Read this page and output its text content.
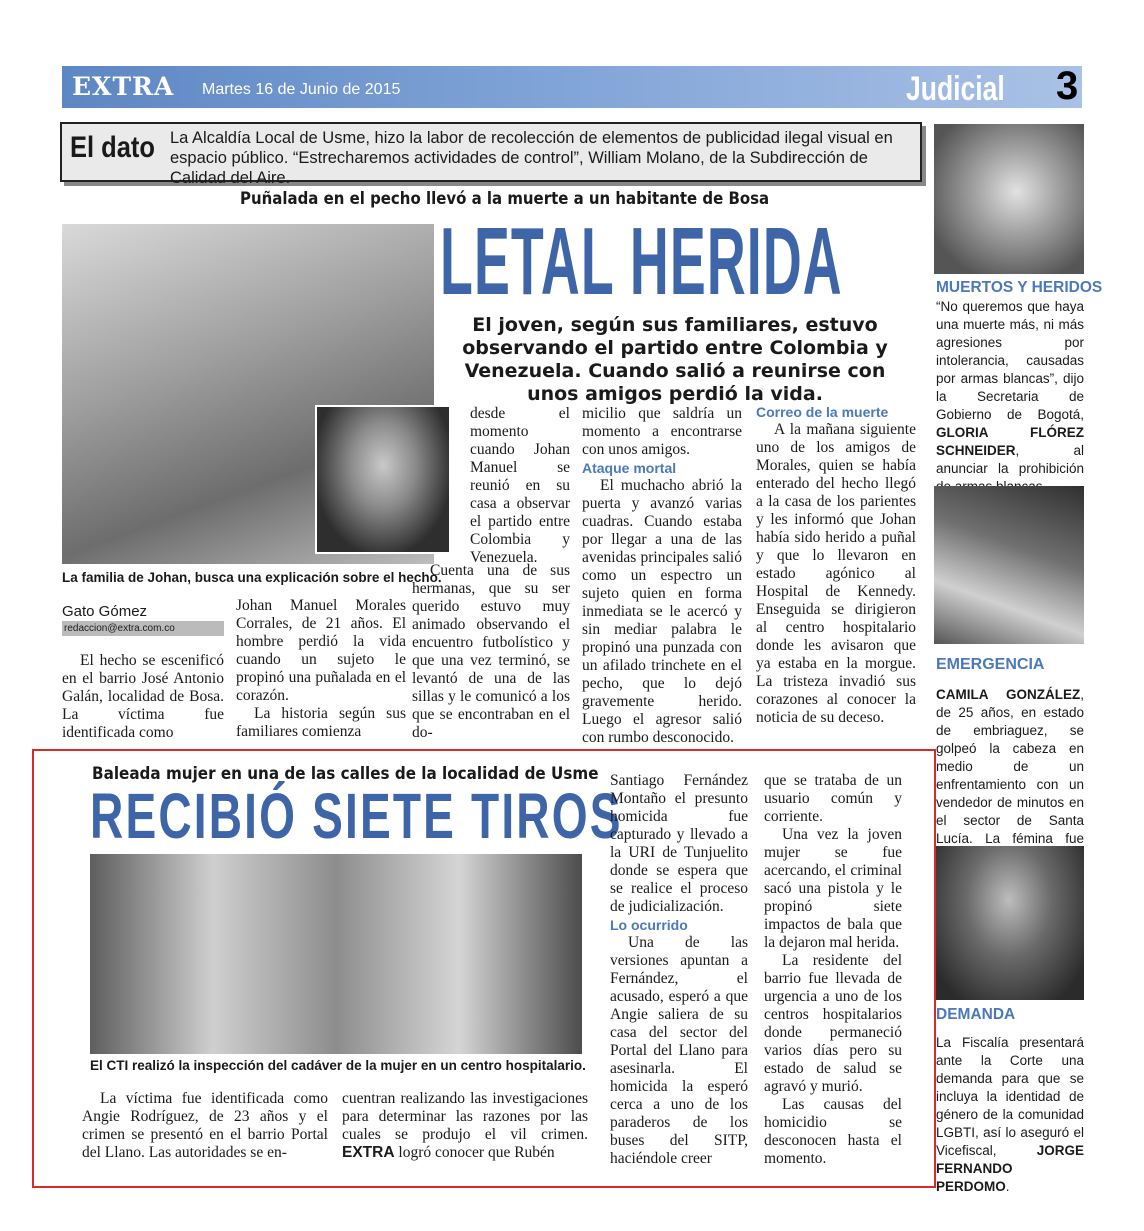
EXTRA Martes 16 de Junio de 2015	Judicial 3
El dato La Alcaldía Local de Usme, hizo la labor de recolección de elementos de publicidad ilegal visual en espacio público. “Estrecharemos actividades de control”, William Molano, de la Subdirección de Calidad del Aire.
Puñalada en el pecho llevó a la muerte a un habitante de Bosa
LETAL HERIDA
El joven, según sus familiares, estuvo observando el partido entre Colombia y Venezuela. Cuando salió a reunirse con unos amigos perdió la vida.
La familia de Johan, busca una explicación sobre el hecho.
Gato Gómez
redaccion@extra.com.co

El hecho se escenificó en el barrio José Antonio Galán, localidad de Bosa. La víctima fue identificada como

Johan Manuel Morales Corrales, de 21 años. El hombre perdió la vida cuando un sujeto le propinó una puñalada en el corazón.

La historia según sus familiares comienza

desde el momento cuando Johan Manuel se reunió en su casa a observar el partido entre Colombia y Venezuela.

Cuenta una de sus hermanas, que su ser querido estuvo muy animado observando el encuentro futbolístico y que una vez terminó, se levantó de una de las sillas y le comunicó a los que se encontraban en el do-

micilio que saldría un momento a encontrarse con unos amigos.

Ataque mortal

El muchacho abrió la puerta y avanzó varias cuadras. Cuando estaba por llegar a una de las avenidas principales salió como un espectro un sujeto quien en forma inmediata se le acercó y sin mediar palabra le propinó una punzada con un afilado trinchete en el pecho, que lo dejó gravemente herido. Luego el agresor salió con rumbo desconocido.

Correo de la muerte

A la mañana siguiente uno de los amigos de Morales, quien se había enterado del hecho llegó a la casa de los parientes y les informó que Johan había sido herido a puñal y que lo llevaron en estado agónico al Hospital de Kennedy. Enseguida se dirigieron al centro hospitalario donde les avisaron que ya estaba en la morgue. La tristeza invadió sus corazones al conocer la noticia de su deceso.

MUERTOS Y HERIDOS
“No queremos que haya una muerte más, ni más agresiones por intolerancia, causadas por armas blancas”, dijo la Secretaria de Gobierno de Bogotá, GLORIA FLÓREZ SCHNEIDER, al anunciar la prohibición
EMERGENCIA
CAMILA GONZÁLEZ, de 25 años, en estado de embriaguez, se golpeó la cabeza en medio de un enfrentamiento con un vendedor de minutos en el sector de Santa Lucía. La fémina fue
DEMANDA
La Fiscalía presentará ante la Corte una demanda para que se incluya la identidad de género de la comunidad LGBTI, así lo aseguró el Vicefiscal,	JORGE FERNANDO PERDOMO.
Baleada mujer en una de las calles de la localidad de Usme
RECIBIÓ SIETE TIROS
El CTI realizó la inspección del cadáver de la mujer en un centro hospitalario.

La víctima fue identificada como Angie Rodríguez, de 23 años y el crimen se presentó en el barrio Portal del Llano. Las autoridades se en-

cuentran realizando las investigaciones para determinar las razones por las cuales se produjo el vil crimen. EXTRA logró conocer que Rubén

Santiago Fernández Montaño el presunto homicida fue capturado y llevado a la URI de Tunjuelito donde se espera que se realice el proceso de judicialización.

Lo ocurrido

Una de las versiones apuntan a Fernández, el acusado, esperó a que Angie saliera de su casa del sector del Portal del Llano para asesinarla. El homicida la esperó cerca a uno de los paraderos de los buses del SITP, haciéndole creer

que se trataba de un usuario común y corriente.

Una vez la joven mujer se fue acercando, el criminal sacó una pistola y le propinó siete impactos de bala que la dejaron mal herida.

La residente del barrio fue llevada de urgencia a uno de los centros hospitalarios donde permaneció varios días pero su estado de salud se agravó y murió.

Las causas del homicidio se desconocen hasta el momento.
